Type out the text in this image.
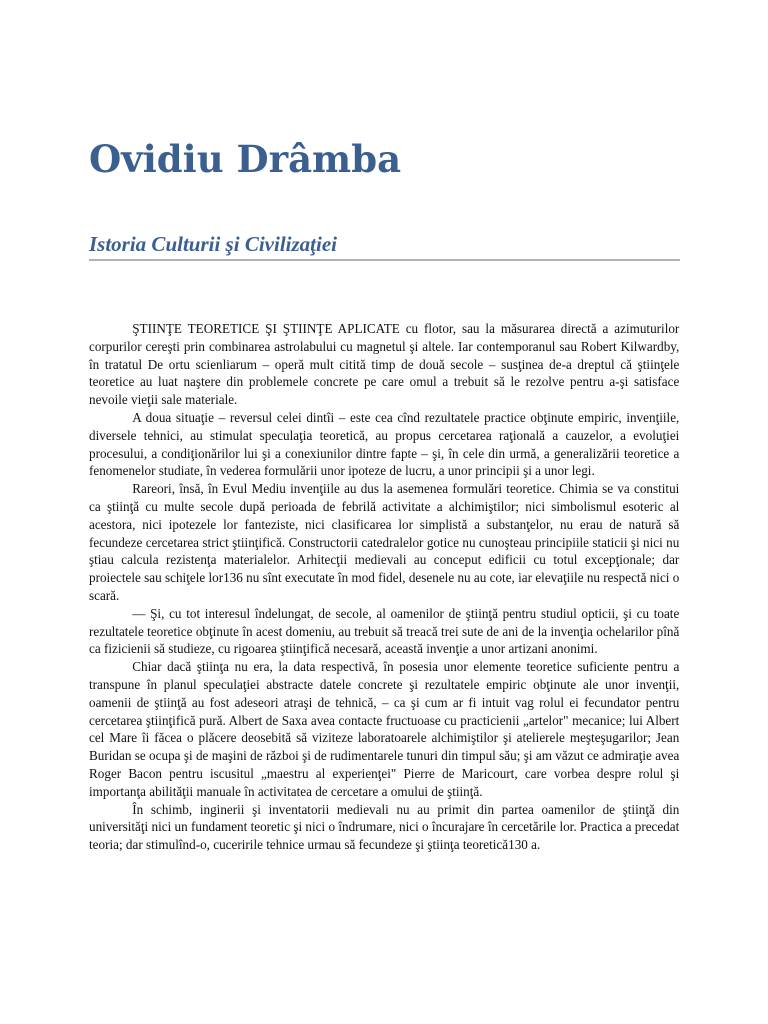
Ovidiu Drâmba
Istoria Culturii şi Civilizaţiei

ŞTIINŢE TEORETICE ŞI ŞTIINŢE APLICATE cu flotor, sau la măsurarea directă a azimuturilor corpurilor cereşti prin combinarea astrolabului cu magnetul şi altele. Iar contemporanul sau Robert Kilwardby, în tratatul De ortu scienliarum – operă mult citită timp de două secole – susţinea de-a dreptul că ştiinţele teoretice au luat naştere din problemele concrete pe care omul a trebuit să le rezolve pentru a-şi satisface nevoile vieţii sale materiale.

A doua situaţie – reversul celei dintîi – este cea cînd rezultatele practice obţinute empiric, invenţiile, diversele tehnici, au stimulat speculaţia teoretică, au propus cercetarea raţională a cauzelor, a evoluţiei procesului, a condiţionărilor lui şi a conexiunilor dintre fapte – şi, în cele din urmă, a generalizării teoretice a fenomenelor studiate, în vederea formulării unor ipoteze de lucru, a unor principii şi a unor legi.

Rareori, însă, în Evul Mediu invenţiile au dus la asemenea formulări teoretice. Chimia se va constitui ca ştiinţă cu multe secole după perioada de febrilă activitate a alchimiştilor; nici simbolismul esoteric al acestora, nici ipotezele lor fanteziste, nici clasificarea lor simplistă a substanţelor, nu erau de natură să fecundeze cercetarea strict ştiinţifică. Constructorii catedralelor gotice nu cunoşteau principiile staticii şi nici nu ştiau calcula rezistenţa materialelor. Arhitecţii medievali au conceput edificii cu totul excepţionale; dar proiectele sau schiţele lor136 nu sînt executate în mod fidel, desenele nu au cote, iar elevaţiile nu respectă nici o scară.

— Şi, cu tot interesul îndelungat, de secole, al oamenilor de ştiinţă pentru studiul opticii, şi cu toate rezultatele teoretice obţinute în acest domeniu, au trebuit să treacă trei sute de ani de la invenţia ochelarilor pînă ca fizicienii să studieze, cu rigoarea ştiinţifică necesară, această invenţie a unor artizani anonimi.

Chiar dacă ştiinţa nu era, la data respectivă, în posesia unor elemente teoretice suficiente pentru a transpune în planul speculaţiei abstracte datele concrete şi rezultatele empiric obţinute ale unor invenţii, oamenii de ştiinţă au fost adeseori atraşi de tehnică, – ca şi cum ar fi intuit vag rolul ei fecundator pentru cercetarea ştiinţifică pură. Albert de Saxa avea contacte fructuoase cu practicienii „artelor" mecanice; lui Albert cel Mare îi făcea o plăcere deosebită să viziteze laboratoarele alchimiştilor şi atelierele meşteşugarilor; Jean Buridan se ocupa şi de maşini de război şi de rudimentarele tunuri din timpul său; şi am văzut ce admiraţie avea Roger Bacon pentru iscusitul „maestru al experienţei" Pierre de Maricourt, care vorbea despre rolul şi importanţa abilităţii manuale în activitatea de cercetare a omului de ştiinţă.

În schimb, inginerii şi inventatorii medievali nu au primit din partea oamenilor de ştiinţă din universităţi nici un fundament teoretic şi nici o îndrumare, nici o încurajare în cercetările lor. Practica a precedat teoria; dar stimulînd-o, cuceririle tehnice urmau să fecundeze şi ştiinţa teoretică130 a.
